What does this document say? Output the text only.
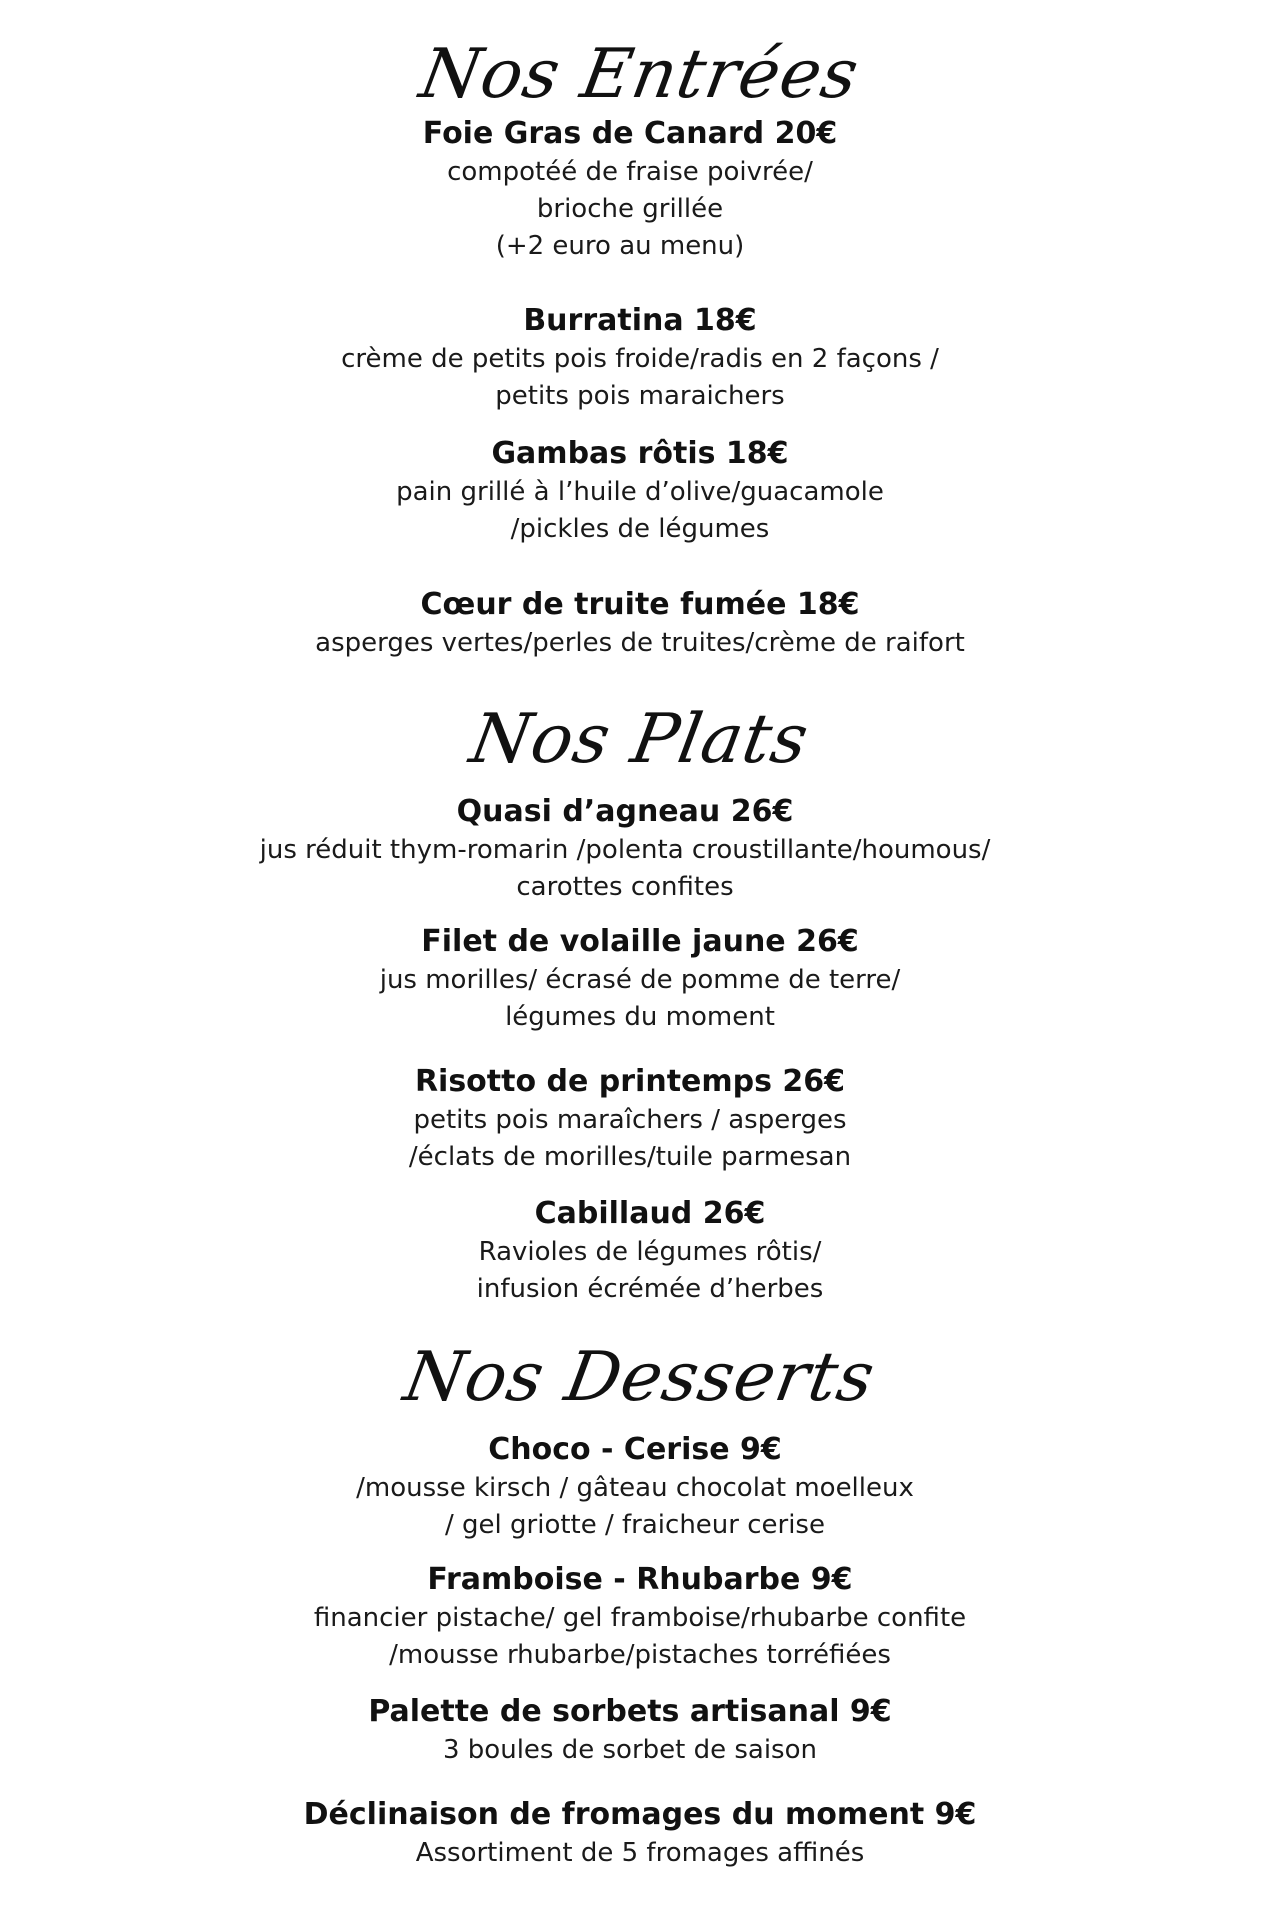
Nos Entrées
Foie Gras de Canard 20€
compotéé de fraise poivrée/
brioche grillée
(+2 euro au menu)
Burratina 18€
crème de petits pois froide/radis en 2 façons /
petits pois maraichers
Gambas rôtis 18€
pain grillé à l’huile d’olive/guacamole
/pickles de légumes
Cœur de truite fumée 18€
asperges vertes/perles de truites/crème de raifort
Nos Plats
Quasi d’agneau 26€
jus réduit thym-romarin /polenta croustillante/houmous/
carottes confites
Filet de volaille jaune 26€
jus morilles/ écrasé de pomme de terre/
légumes du moment
Risotto de printemps 26€
petits pois maraîchers / asperges
/éclats de morilles/tuile parmesan
Cabillaud 26€
Ravioles de légumes rôtis/
infusion écrémée d’herbes
Nos Desserts
Choco - Cerise 9€
/mousse kirsch / gâteau chocolat moelleux
/ gel griotte / fraicheur cerise
Framboise - Rhubarbe 9€
financier pistache/ gel framboise/rhubarbe confite
/mousse rhubarbe/pistaches torréfiées
Palette de sorbets artisanal 9€
3 boules de sorbet de saison
Déclinaison de fromages du moment 9€
Assortiment de 5 fromages affinés
